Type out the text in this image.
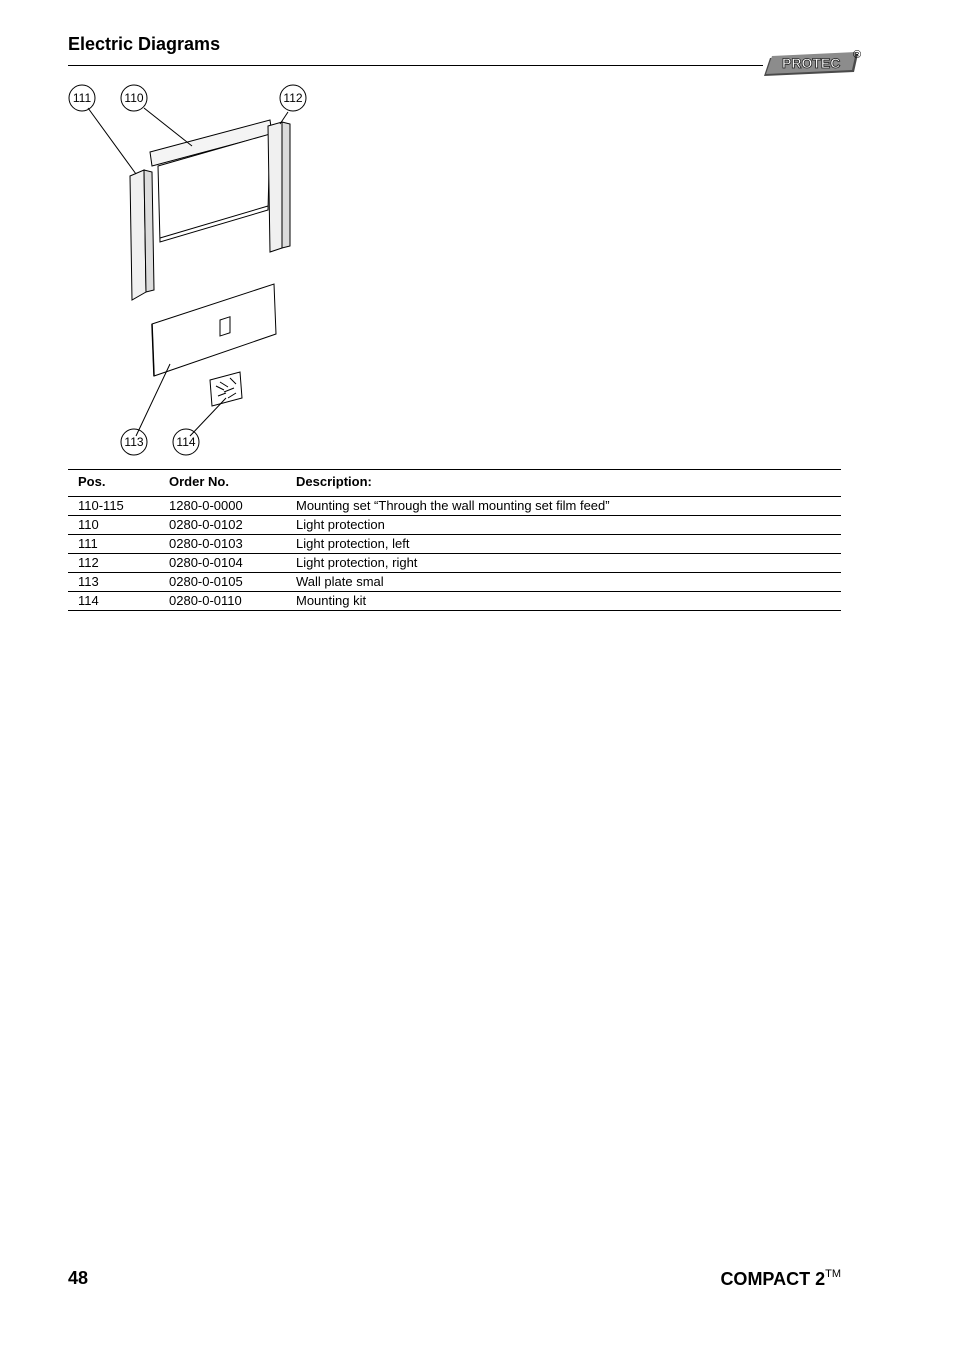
Electric Diagrams
PROTEC ®
111	110	112
113	114
Pos.	Order No.	Description:
110-115	1280-0-0000	Mounting set “Through the wall mounting set film feed”
110	0280-0-0102	Light protection
111	0280-0-0103	Light protection, left
112	0280-0-0104	Light protection, right
113	0280-0-0105	Wall plate smal
114	0280-0-0110	Mounting kit
48	COMPACT 2™
